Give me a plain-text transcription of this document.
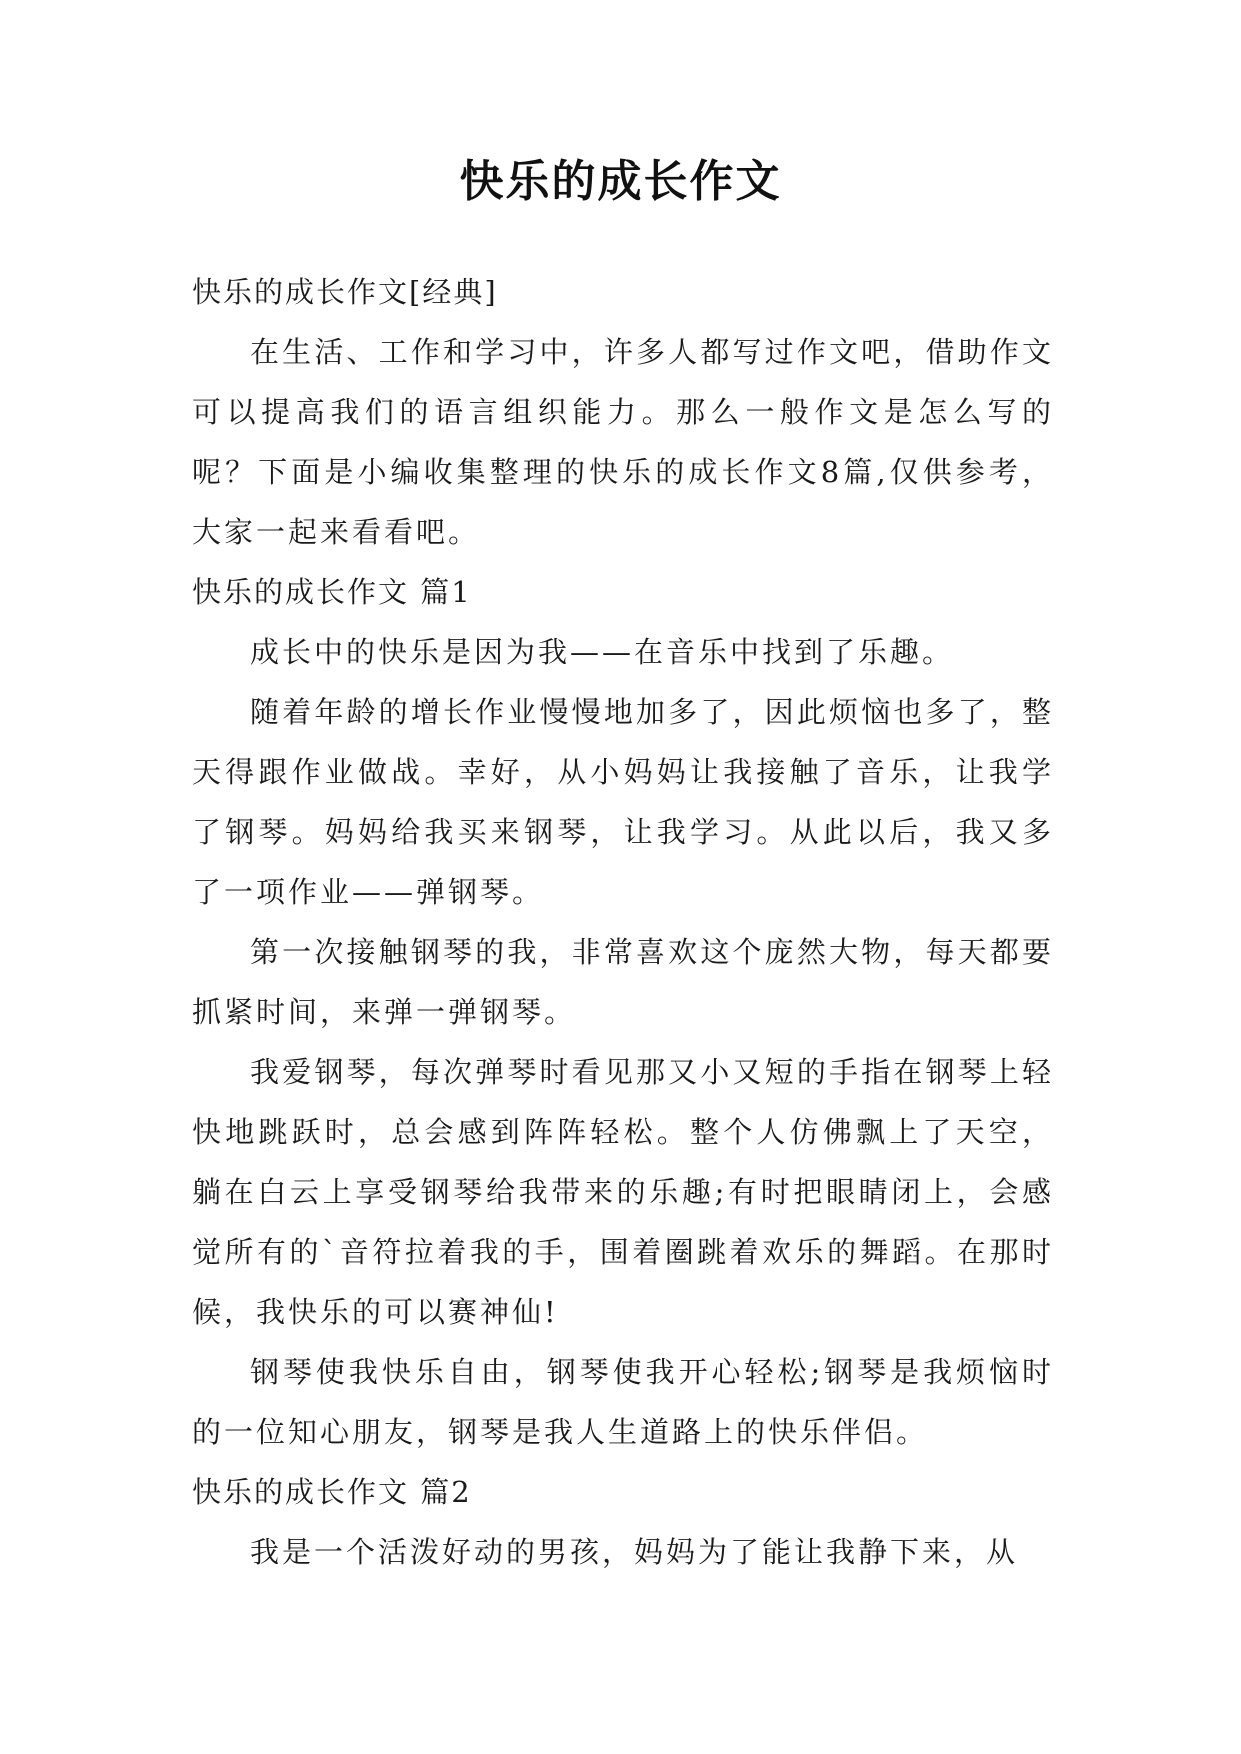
快乐的成长作文

快乐的成长作文[经典]

在生活、工作和学习中，许多人都写过作文吧，借助作文可以提高我们的语言组织能力。那么一般作文是怎么写的呢？下面是小编收集整理的快乐的成长作文8篇,仅供参考，大家一起来看看吧。

快乐的成长作文 篇1

成长中的快乐是因为我——在音乐中找到了乐趣。

随着年龄的增长作业慢慢地加多了，因此烦恼也多了，整天得跟作业做战。幸好，从小妈妈让我接触了音乐，让我学了钢琴。妈妈给我买来钢琴，让我学习。从此以后，我又多了一项作业——弹钢琴。

第一次接触钢琴的我，非常喜欢这个庞然大物，每天都要抓紧时间，来弹一弹钢琴。

我爱钢琴，每次弹琴时看见那又小又短的手指在钢琴上轻快地跳跃时，总会感到阵阵轻松。整个人仿佛飘上了天空，躺在白云上享受钢琴给我带来的乐趣;有时把眼睛闭上，会感觉所有的`音符拉着我的手，围着圈跳着欢乐的舞蹈。在那时候，我快乐的可以赛神仙!

钢琴使我快乐自由，钢琴使我开心轻松;钢琴是我烦恼时的一位知心朋友，钢琴是我人生道路上的快乐伴侣。

快乐的成长作文 篇2

我是一个活泼好动的男孩，妈妈为了能让我静下来，从
